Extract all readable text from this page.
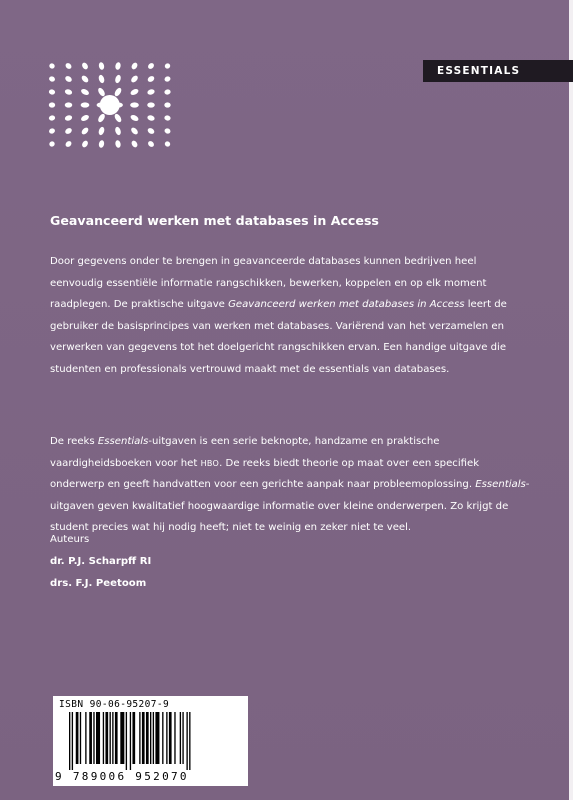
ESSENTIALS
Geavanceerd werken met databases in Access

Door gegevens onder te brengen in geavanceerde databases kunnen bedrijven heel eenvoudig essentiële informatie rangschikken, bewerken, koppelen en op elk moment raadplegen. De praktische uitgave Geavanceerd werken met databases in Access leert de gebruiker de basisprincipes van werken met databases. Variërend van het verzamelen en verwerken van gegevens tot het doelgericht rangschikken ervan. Een handige uitgave die studenten en professionals vertrouwd maakt met de essentials van databases.

De reeks Essentials-uitgaven is een serie beknopte, handzame en praktische vaardigheidsboeken voor het HBO. De reeks biedt theorie op maat over een specifiek onderwerp en geeft handvatten voor een gerichte aanpak naar probleemoplossing. Essentials-uitgaven geven kwalitatief hoogwaardige informatie over kleine onderwerpen. Zo krijgt de student precies wat hij nodig heeft; niet te weinig en zeker niet te veel.

Auteurs
dr. P.J. Scharpff RI
drs. F.J. Peetoom
ISBN 90-06-95207-9
9 789006 952070
